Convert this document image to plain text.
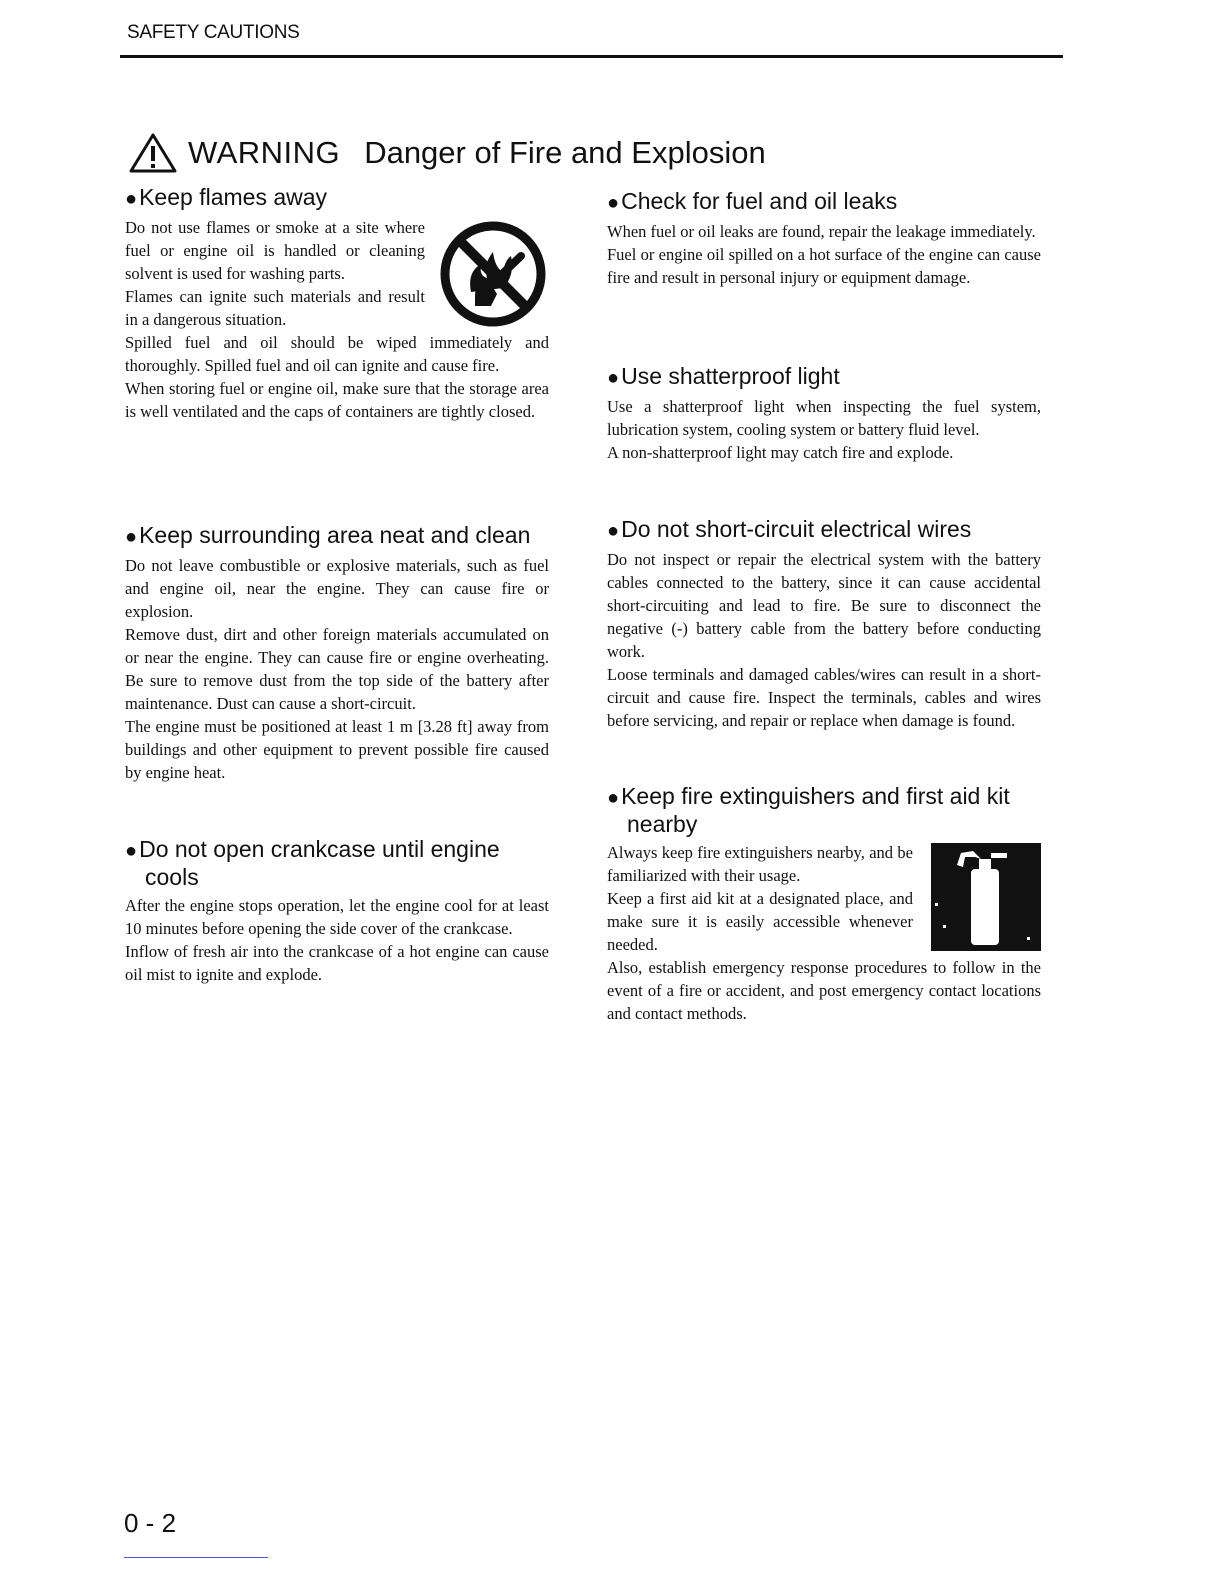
SAFETY CAUTIONS
WARNING Danger of Fire and Explosion
●Keep flames away

Do not use flames or smoke at a site where fuel or engine oil is handled or cleaning solvent is used for washing parts.

Flames can ignite such materials and result in a dangerous situation.

Spilled fuel and oil should be wiped immediately and thoroughly. Spilled fuel and oil can ignite and cause fire.

When storing fuel or engine oil, make sure that the storage area is well ventilated and the caps of containers are tightly closed.

●Keep surrounding area neat and clean

Do not leave combustible or explosive materials, such as fuel and engine oil, near the engine. They can cause fire or explosion.

Remove dust, dirt and other foreign materials accumulated on or near the engine. They can cause fire or engine overheating. Be sure to remove dust from the top side of the battery after maintenance. Dust can cause a short-circuit.

The engine must be positioned at least 1 m [3.28 ft] away from buildings and other equipment to prevent possible fire caused by engine heat.

●Do not open crankcase until engine cools

After the engine stops operation, let the engine cool for at least 10 minutes before opening the side cover of the crankcase.

Inflow of fresh air into the crankcase of a hot engine can cause oil mist to ignite and explode.

●Check for fuel and oil leaks

When fuel or oil leaks are found, repair the leakage immediately.

Fuel or engine oil spilled on a hot surface of the engine can cause fire and result in personal injury or equipment damage.

●Use shatterproof light

Use a shatterproof light when inspecting the fuel system, lubrication system, cooling system or battery fluid level.

A non-shatterproof light may catch fire and explode.

●Do not short-circuit electrical wires

Do not inspect or repair the electrical system with the battery cables connected to the battery, since it can cause accidental short-circuiting and lead to fire. Be sure to disconnect the negative (-) battery cable from the battery before conducting work.

Loose terminals and damaged cables/wires can result in a short-circuit and cause fire. Inspect the terminals, cables and wires before servicing, and repair or replace when damage is found.

●Keep fire extinguishers and first aid kit nearby

Always keep fire extinguishers nearby, and be familiarized with their usage.

Keep a first aid kit at a designated place, and make sure it is easily accessible whenever needed.

Also, establish emergency response procedures to follow in the event of a fire or accident, and post emergency contact locations and contact methods.

0 - 2
